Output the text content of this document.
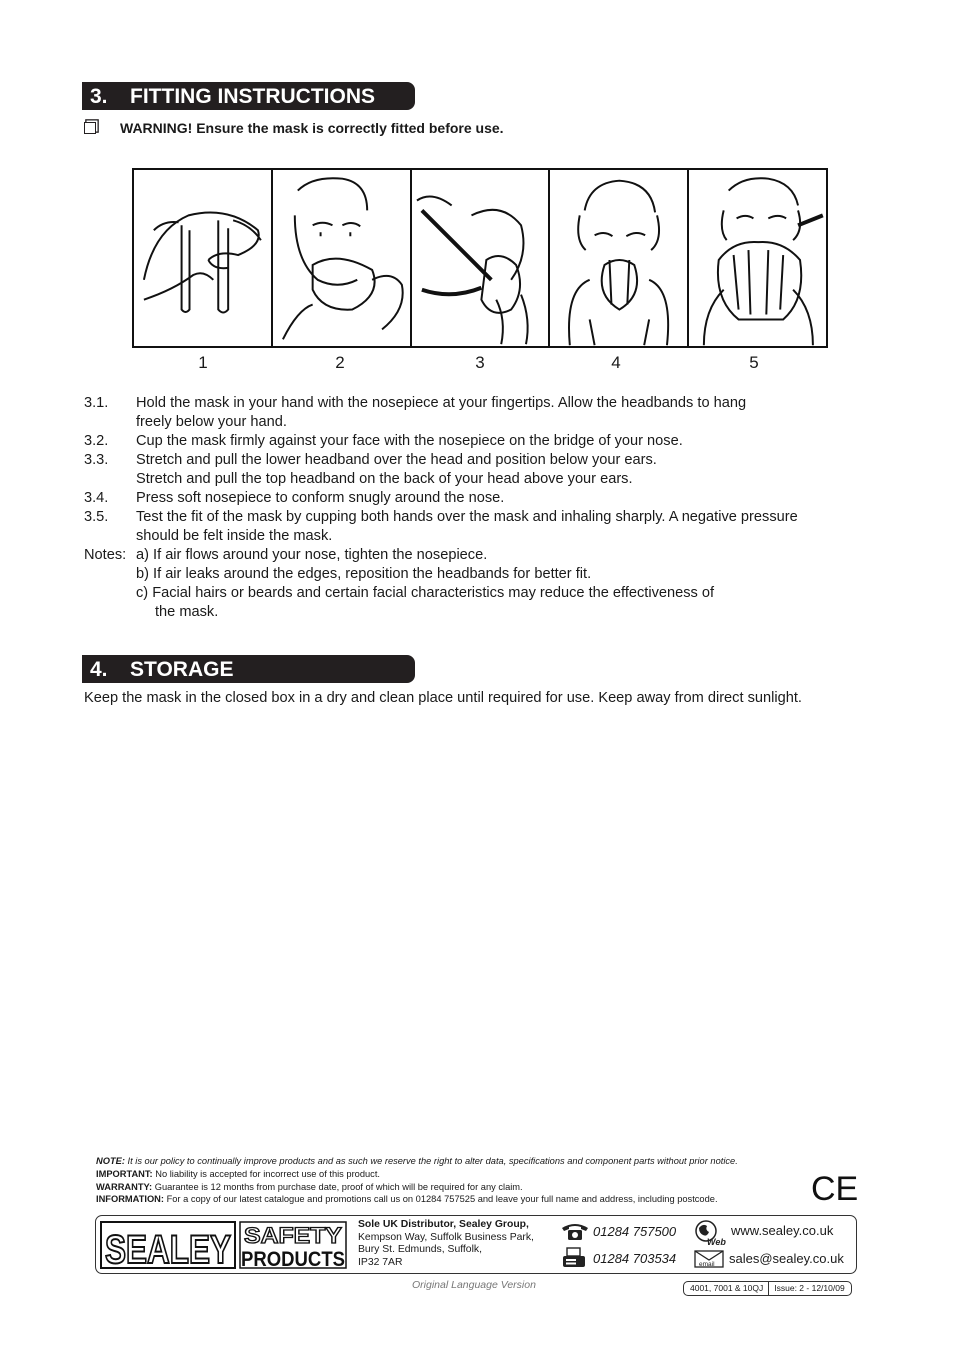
3. FITTING INSTRUCTIONS
WARNING! Ensure the mask is correctly fitted before use.
1	2	3	4	5
3.1.	Hold the mask in your hand with the nosepiece at your fingertips. Allow the headbands to hang
freely below your hand.
3.2.	Cup the mask firmly against your face with the nosepiece on the bridge of your nose.
3.3.	Stretch and pull the lower headband over the head and position below your ears.
Stretch and pull the top headband on the back of your head above your ears.
3.4.	Press soft nosepiece to conform snugly around the nose.
3.5.	Test the fit of the mask by cupping both hands over the mask and inhaling sharply. A negative pressure
should be felt inside the mask.
Notes: a) If air flows around your nose, tighten the nosepiece.
b) If air leaks around the edges, reposition the headbands for better fit.
c) Facial hairs or beards and certain facial characteristics may reduce the effectiveness of
the mask.
4. STORAGE
Keep the mask in the closed box in a dry and clean place until required for use. Keep away from direct sunlight.
NOTE: It is our policy to continually improve products and as such we reserve the right to alter data, specifications and component parts without prior notice.
IMPORTANT: No liability is accepted for incorrect use of this product.
WARRANTY: Guarantee is 12 months from purchase date, proof of which will be required for any claim.
INFORMATION: For a copy of our latest catalogue and promotions call us on 01284 757525 and leave your full name and address, including postcode.	CE
SEALEY SAFETY
PRODUCTS
Sole UK Distributor, Sealey Group,
Kempson Way, Suffolk Business Park,
Bury St. Edmunds, Suffolk,
IP32 7AR
01284 757500
01284 703534
Web
email
www.sealey.co.uk
sales@sealey.co.uk
Original Language Version	4001, 7001 & 10QJ	Issue: 2 - 12/10/09
